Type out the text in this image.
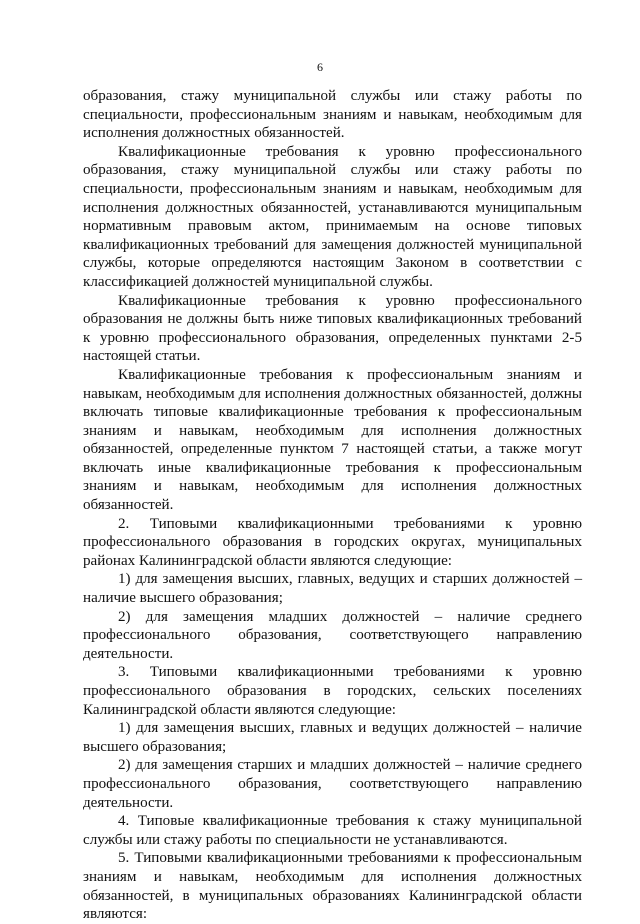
6

образования, стажу муниципальной службы или стажу работы по специальности, профессиональным знаниям и навыкам, необходимым для исполнения должностных обязанностей.

Квалификационные требования к уровню профессионального образования, стажу муниципальной службы или стажу работы по специальности, профессиональным знаниям и навыкам, необходимым для исполнения должностных обязанностей, устанавливаются муниципальным нормативным правовым актом, принимаемым на основе типовых квалификационных требований для замещения должностей муниципальной службы, которые определяются настоящим Законом в соответствии с классификацией должностей муниципальной службы.

Квалификационные требования к уровню профессионального образования не должны быть ниже типовых квалификационных требований к уровню профессионального образования, определенных пунктами 2-5 настоящей статьи.

Квалификационные требования к профессиональным знаниям и навыкам, необходимым для исполнения должностных обязанностей, должны включать типовые квалификационные требования к профессиональным знаниям и навыкам, необходимым для исполнения должностных обязанностей, определенные пунктом 7 настоящей статьи, а также могут включать иные квалификационные требования к профессиональным знаниям и навыкам, необходимым для исполнения должностных обязанностей.

2. Типовыми квалификационными требованиями к уровню профессионального образования в городских округах, муниципальных районах Калининградской области являются следующие:

1) для замещения высших, главных, ведущих и старших должностей – наличие высшего образования;

2) для замещения младших должностей – наличие среднего профессионального образования, соответствующего направлению деятельности.

3. Типовыми квалификационными требованиями к уровню профессионального образования в городских, сельских поселениях Калининградской области являются следующие:

1) для замещения высших, главных и ведущих должностей – наличие высшего образования;

2) для замещения старших и младших должностей – наличие среднего профессионального образования, соответствующего направлению деятельности.

4. Типовые квалификационные требования к стажу муниципальной службы или стажу работы по специальности не устанавливаются.

5. Типовыми квалификационными требованиями к профессиональным знаниям и навыкам, необходимым для исполнения должностных обязанностей, в муниципальных образованиях Калининградской области являются:
